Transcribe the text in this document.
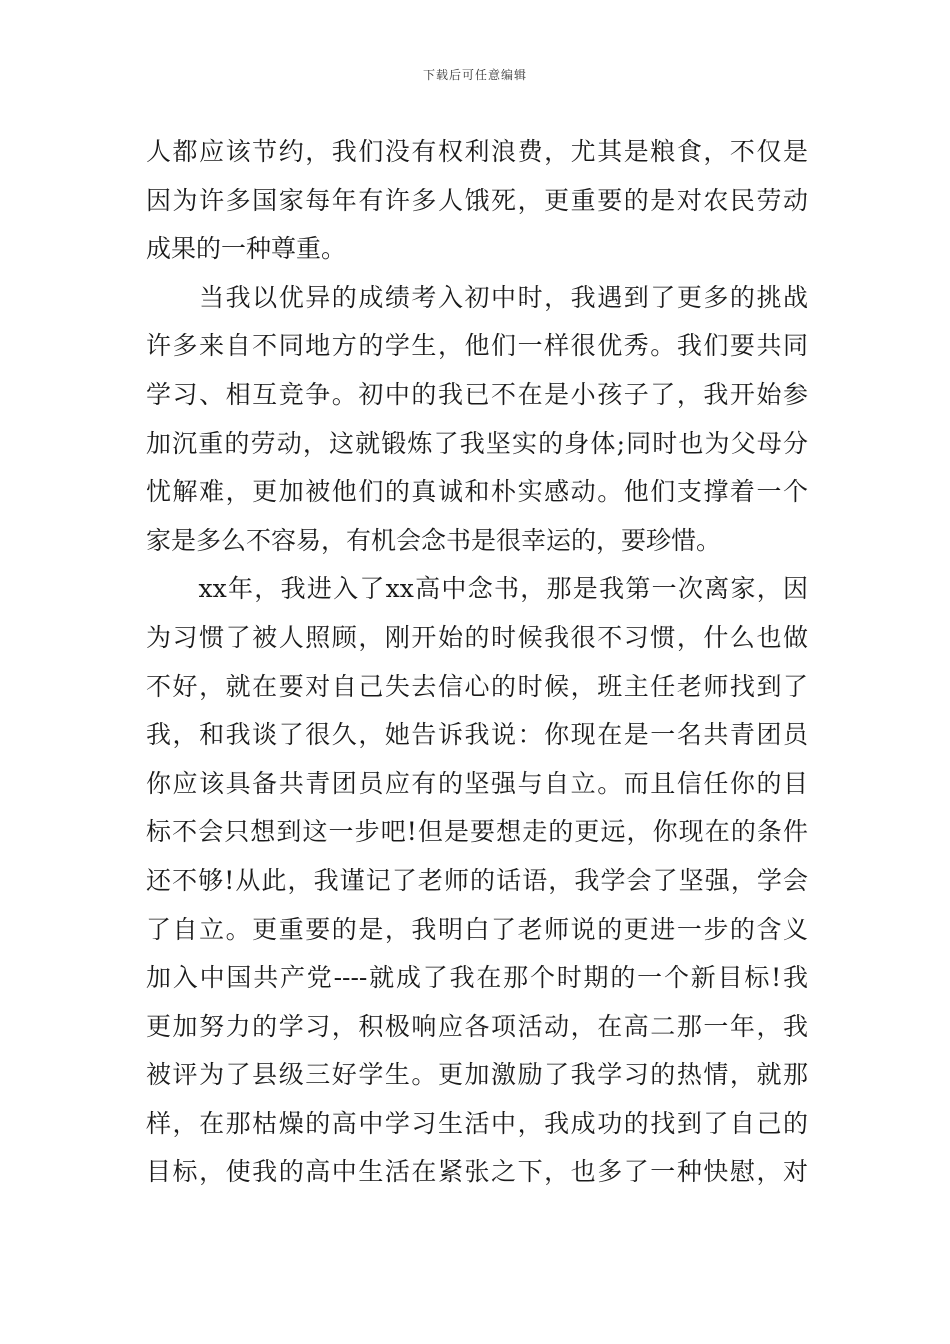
下载后可任意编辑
人都应该节约，我们没有权利浪费，尤其是粮食，不仅是
因为许多国家每年有许多人饿死，更重要的是对农民劳动
成果的一种尊重。
　　当我以优异的成绩考入初中时，我遇到了更多的挑战
许多来自不同地方的学生，他们一样很优秀。我们要共同
学习、相互竞争。初中的我已不在是小孩子了，我开始参
加沉重的劳动，这就锻炼了我坚实的身体;同时也为父母分
忧解难，更加被他们的真诚和朴实感动。他们支撑着一个
家是多么不容易，有机会念书是很幸运的，要珍惜。
　　xx年，我进入了xx高中念书，那是我第一次离家，因
为习惯了被人照顾，刚开始的时候我很不习惯，什么也做
不好，就在要对自己失去信心的时候，班主任老师找到了
我，和我谈了很久，她告诉我说：你现在是一名共青团员
你应该具备共青团员应有的坚强与自立。而且信任你的目
标不会只想到这一步吧!但是要想走的更远，你现在的条件
还不够!从此，我谨记了老师的话语，我学会了坚强，学会
了自立。更重要的是，我明白了老师说的更进一步的含义
加入中国共产党----就成了我在那个时期的一个新目标!我
更加努力的学习，积极响应各项活动，在高二那一年，我
被评为了县级三好学生。更加激励了我学习的热情，就那
样，在那枯燥的高中学习生活中，我成功的找到了自己的
目标，使我的高中生活在紧张之下，也多了一种快慰，对
